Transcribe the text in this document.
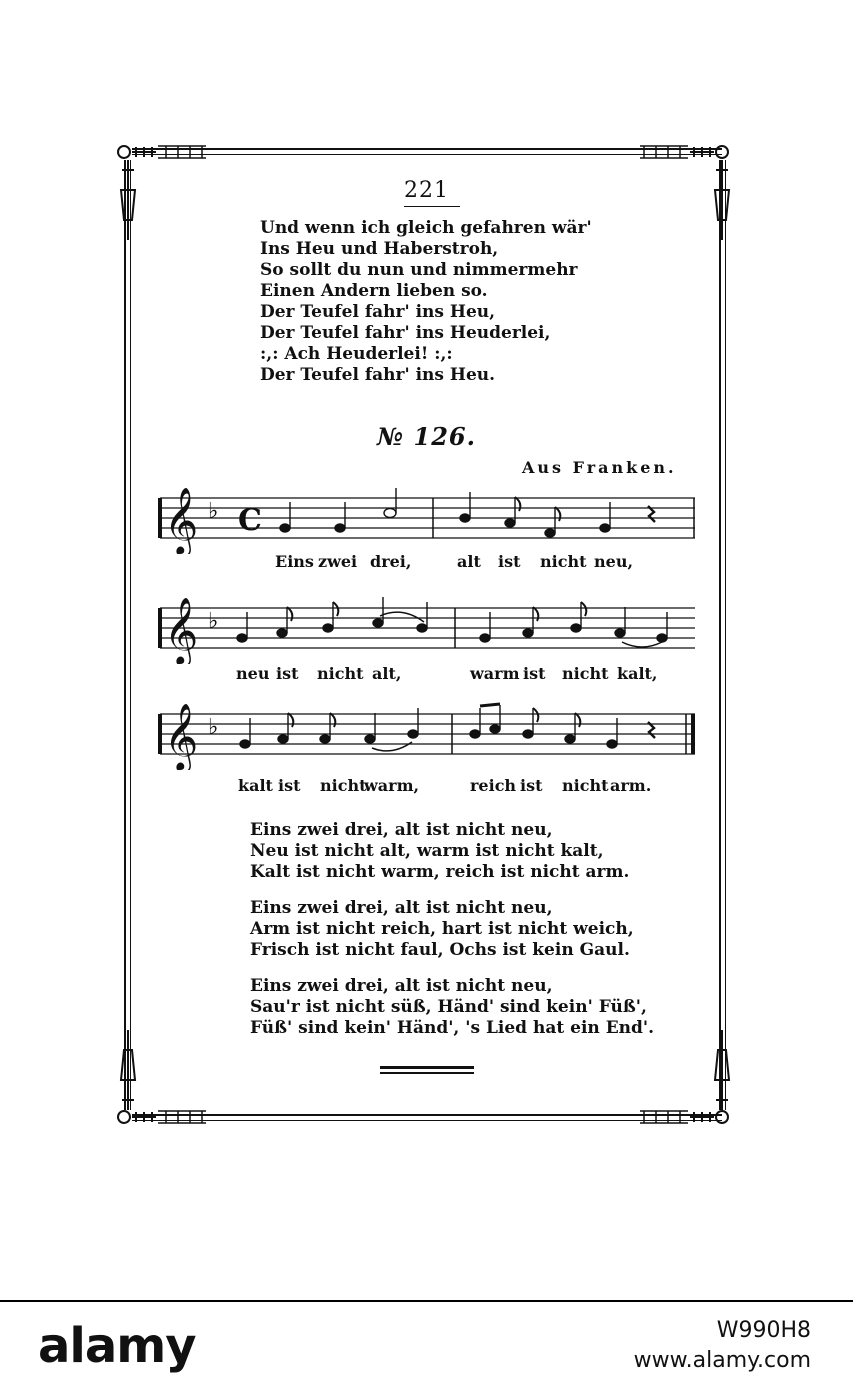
221
Und wenn ich gleich gefahren wär'
Ins Heu und Haberstroh,
So sollt du nun und nimmermehr
Einen Andern lieben so.
Der Teufel fahr' ins Heu,
Der Teufel fahr' ins Heuderlei,
:,: Ach Heuderlei! :,:
Der Teufel fahr' ins Heu.
№ 126.
Aus Franken.
𝄞 ♭ C
Eins zwei drei,	alt ist nicht neu,
𝄞 ♭
neu ist nicht alt,	warm ist nicht kalt,
𝄞 ♭
kalt ist nicht
warm,	reich ist nicht arm.
Eins zwei drei, alt ist nicht neu,
Neu ist nicht alt, warm ist nicht kalt,
Kalt ist nicht warm, reich ist nicht arm.
Eins zwei drei, alt ist nicht neu,
Arm ist nicht reich, hart ist nicht weich,
Frisch ist nicht faul, Ochs ist kein Gaul.
Eins zwei drei, alt ist nicht neu,
Sau'r ist nicht süß, Händ' sind kein' Füß',
Füß' sind kein' Händ', 's Lied hat ein End'.
alamy	W990H8
www.alamy.com
